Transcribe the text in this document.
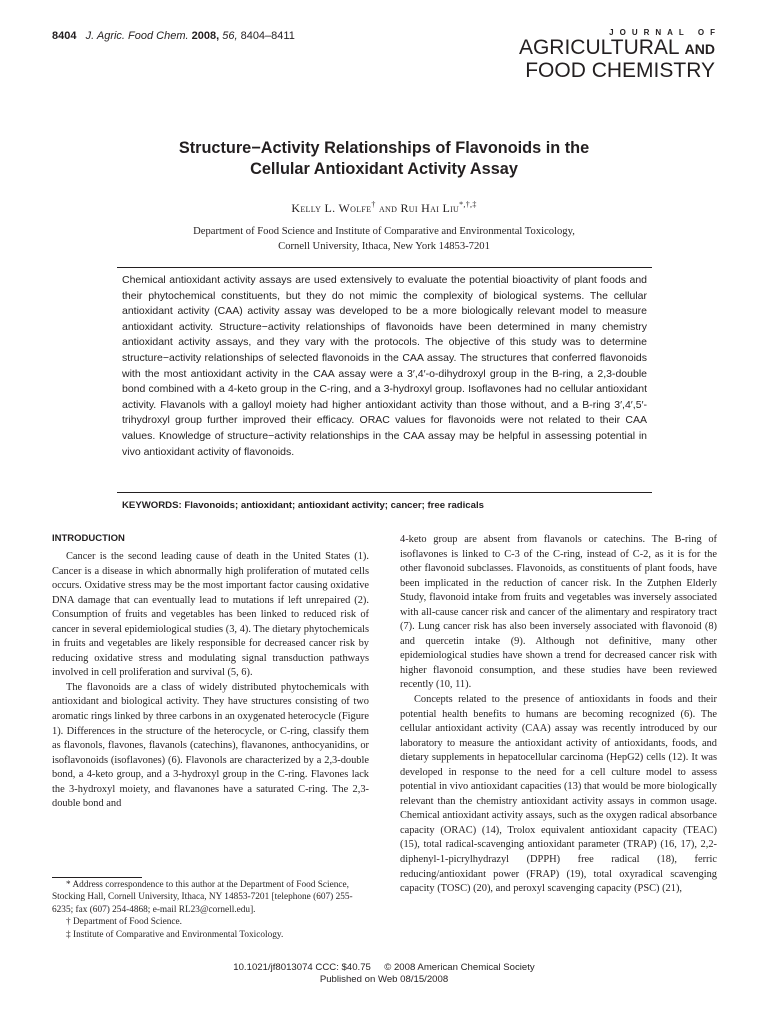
8404 J. Agric. Food Chem. 2008, 56, 8404–8411	JOURNAL OF
AGRICULTURAL AND
FOOD CHEMISTRY
Structure−Activity Relationships of Flavonoids in the
Cellular Antioxidant Activity Assay
Kelly L. Wolfe† and Rui Hai Liu*,†,‡
Department of Food Science and Institute of Comparative and Environmental Toxicology,
Cornell University, Ithaca, New York 14853-7201
Chemical antioxidant activity assays are used extensively to evaluate the potential bioactivity of plant foods and their phytochemical constituents, but they do not mimic the complexity of biological systems. The cellular antioxidant activity (CAA) activity assay was developed to be a more biologically relevant model to measure antioxidant activity. Structure−activity relationships of flavonoids have been determined in many chemistry antioxidant activity assays, and they vary with the protocols. The objective of this study was to determine structure−activity relationships of selected flavonoids in the CAA assay. The structures that conferred flavonoids with the most antioxidant activity in the CAA assay were a 3′,4′-o-dihydroxyl group in the B-ring, a 2,3-double bond combined with a 4-keto group in the C-ring, and a 3-hydroxyl group. Isoflavones had no cellular antioxidant activity. Flavanols with a galloyl moiety had higher antioxidant activity than those without, and a B-ring 3′,4′,5′-trihydroxyl group further improved their efficacy. ORAC values for flavonoids were not related to their CAA values. Knowledge of structure−activity relationships in the CAA assay may be helpful in assessing potential in vivo antioxidant activity of flavonoids.
KEYWORDS: Flavonoids; antioxidant; antioxidant activity; cancer; free radicals
INTRODUCTION

Cancer is the second leading cause of death in the United States (1). Cancer is a disease in which abnormally high proliferation of mutated cells occurs. Oxidative stress may be the most important factor causing oxidative DNA damage that can eventually lead to mutations if left unrepaired (2). Consumption of fruits and vegetables has been linked to reduced risk of cancer in several epidemiological studies (3, 4). The dietary phytochemicals in fruits and vegetables are likely responsible for decreased cancer risk by reducing oxidative stress and modulating signal transduction pathways involved in cell proliferation and survival (5, 6).

The flavonoids are a class of widely distributed phytochemicals with antioxidant and biological activity. They have structures consisting of two aromatic rings linked by three carbons in an oxygenated heterocycle (Figure 1). Differences in the structure of the heterocycle, or C-ring, classify them as flavonols, flavones, flavanols (catechins), flavanones, anthocyanidins, or isoflavonoids (isoflavones) (6). Flavonols are characterized by a 2,3-double bond, a 4-keto group, and a 3-hydroxyl group in the C-ring. Flavones lack the 3-hydroxyl moiety, and flavanones have a saturated C-ring. The 2,3-double bond and

4-keto group are absent from flavanols or catechins. The B-ring of isoflavones is linked to C-3 of the C-ring, instead of C-2, as it is for the other flavonoid subclasses. Flavonoids, as constituents of plant foods, have been implicated in the reduction of cancer risk. In the Zutphen Elderly Study, flavonoid intake from fruits and vegetables was inversely associated with all-cause cancer risk and cancer of the alimentary and respiratory tract (7). Lung cancer risk has also been inversely associated with flavonoid (8) and quercetin intake (9). Although not definitive, many other epidemiological studies have shown a trend for decreased cancer risk with higher flavonoid consumption, and these studies have been reviewed recently (10, 11).

Concepts related to the presence of antioxidants in foods and their potential health benefits to humans are becoming recognized (6). The cellular antioxidant activity (CAA) assay was recently introduced by our laboratory to measure the antioxidant activity of antioxidants, foods, and dietary supplements in hepatocellular carcinoma (HepG2) cells (12). It was developed in response to the need for a cell culture model to assess potential in vivo antioxidant capacities (13) that would be more biologically relevant than the chemistry antioxidant activity assays in common usage. Chemical antioxidant activity assays, such as the oxygen radical absorbance capacity (ORAC) (14), Trolox equivalent antioxidant capacity (TEAC) (15), total radical-scavenging antioxidant parameter (TRAP) (16, 17), 2,2-diphenyl-1-picrylhydrazyl (DPPH) free radical (18), ferric reducing/antioxidant power (FRAP) (19), total oxyradical scavenging capacity (TOSC) (20), and peroxyl scavenging capacity (PSC) (21),

* Address correspondence to this author at the Department of Food Science, Stocking Hall, Cornell University, Ithaca, NY 14853-7201 [telephone (607) 255-6235; fax (607) 254-4868; e-mail RL23@cornell.edu].

† Department of Food Science.

‡ Institute of Comparative and Environmental Toxicology.

10.1021/jf8013074 CCC: $40.75     © 2008 American Chemical Society
Published on Web 08/15/2008
